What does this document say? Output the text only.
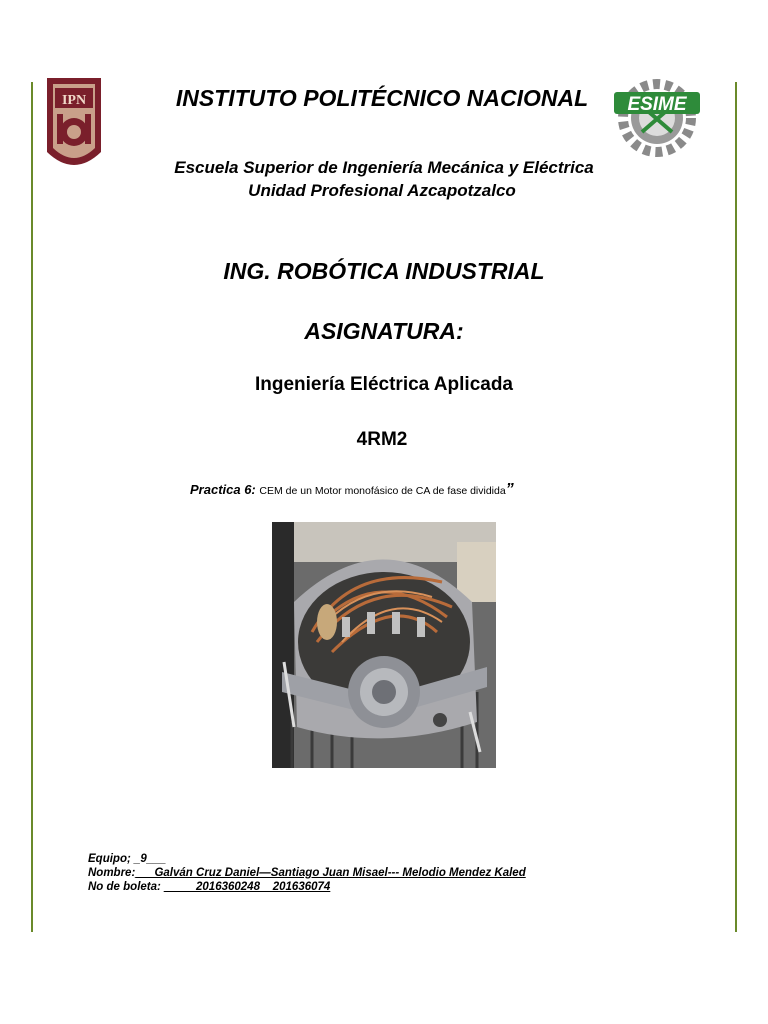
IPN	ESIME
INSTITUTO POLITÉCNICO NACIONAL
Escuela Superior de Ingeniería Mecánica y Eléctrica
Unidad Profesional Azcapotzalco
ING. ROBÓTICA INDUSTRIAL
ASIGNATURA:
Ingeniería Eléctrica Aplicada
4RM2
Practica 6: CEM de un Motor monofásico de CA de fase dividida”
Equipo; _9___
Nombre:___Galván Cruz Daniel—Santiago Juan Misael--- Melodio Mendez Kaled
No de boleta: _____2016360248    201636074
